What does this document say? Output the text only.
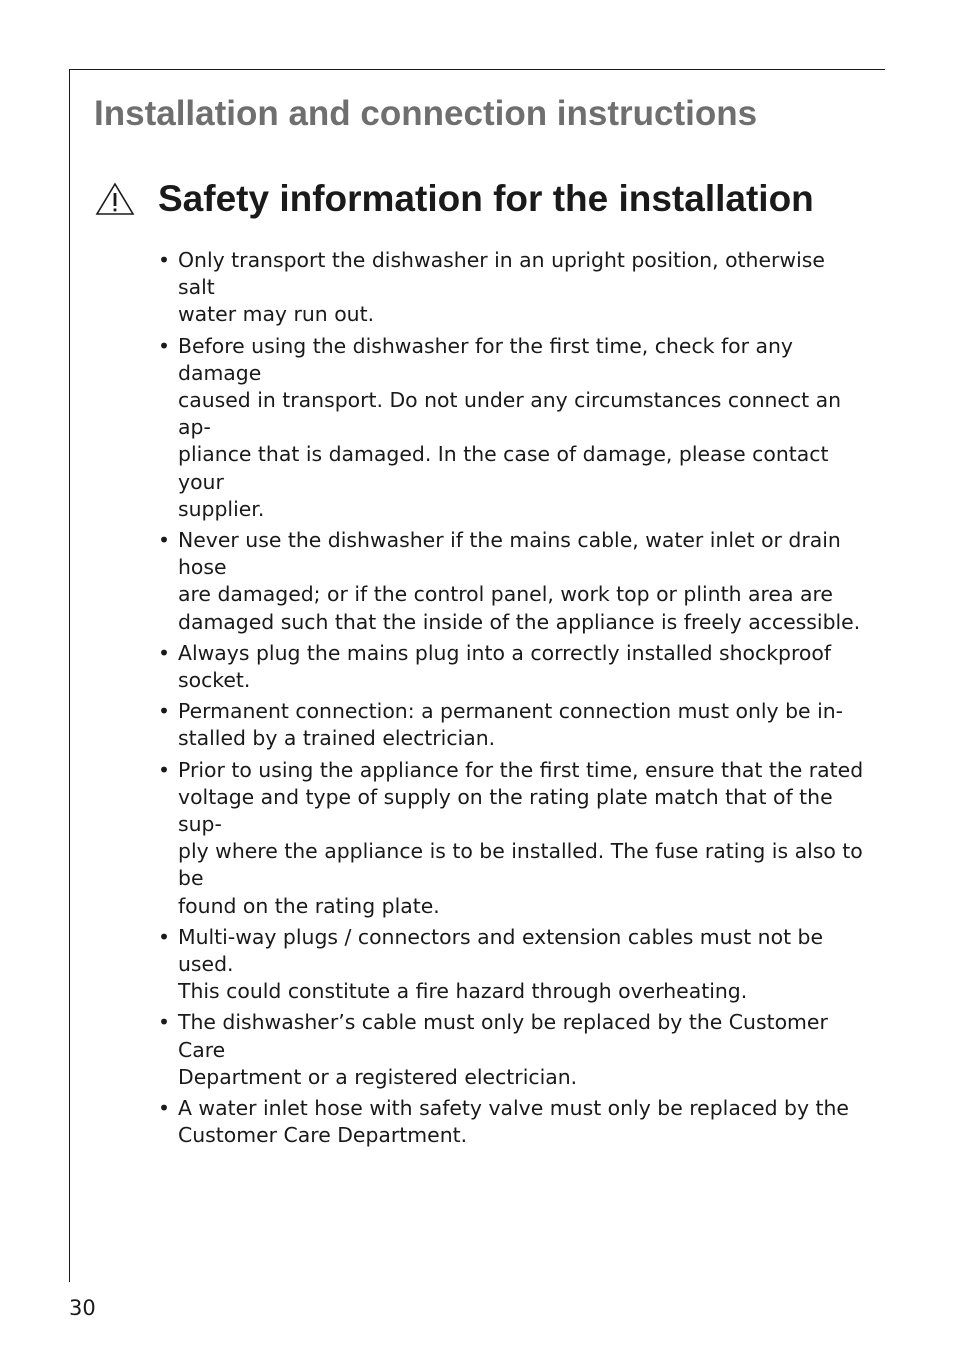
Installation and connection instructions
Safety information for the installation
• Only transport the dishwasher in an upright position, otherwise salt
water may run out.
• Before using the dishwasher for the first time, check for any damage
caused in transport. Do not under any circumstances connect an ap-
pliance that is damaged. In the case of damage, please contact your
supplier.
• Never use the dishwasher if the mains cable, water inlet or drain hose
are damaged; or if the control panel, work top or plinth area are
damaged such that the inside of the appliance is freely accessible.
• Always plug the mains plug into a correctly installed shockproof
socket.
• Permanent connection: a permanent connection must only be in-
stalled by a trained electrician.
• Prior to using the appliance for the first time, ensure that the rated
voltage and type of supply on the rating plate match that of the sup-
ply where the appliance is to be installed. The fuse rating is also to be
found on the rating plate.
• Multi-way plugs / connectors and extension cables must not be used.
This could constitute a fire hazard through overheating.
• The dishwasher’s cable must only be replaced by the Customer Care
Department or a registered electrician.
• A water inlet hose with safety valve must only be replaced by the
Customer Care Department.
30
